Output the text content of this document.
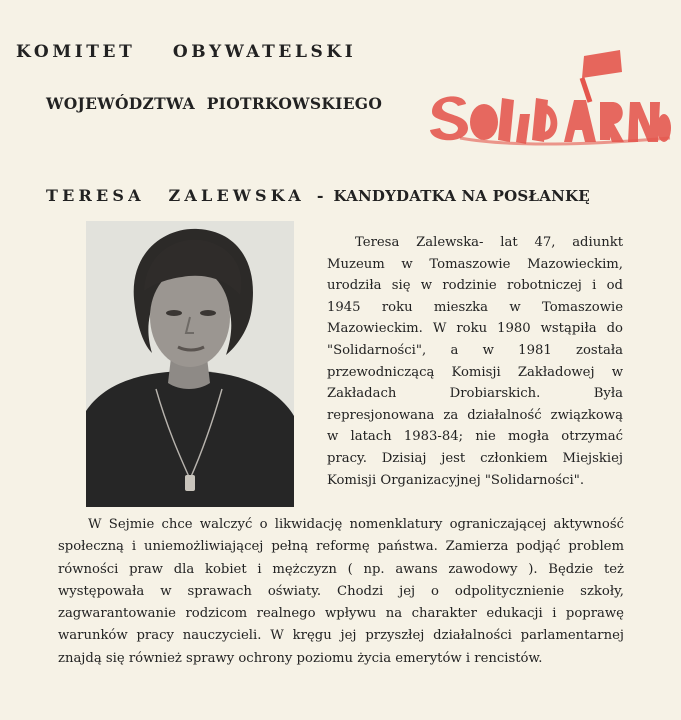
KOMITET OBYWATELSKI
WOJEWÓDZTWA PIOTRKOWSKIEGO
TERESA ZALEWSKA - KANDYDATKA NA POSŁANKĘ

Teresa Zalewska- lat 47, adiunkt Muzeum w Tomaszowie Mazowieckim, urodziła się w rodzinie robotniczej i od 1945 roku mieszka w Tomaszowie Mazowieckim. W roku 1980 wstąpiła do "Solidarności", a w 1981 została przewodniczącą Komisji Zakładowej w Zakładach Drobiarskich. Była represjonowana za działalność związkową w latach 1983-84; nie mogła otrzymać pracy. Dzisiaj jest członkiem Miejskiej Komisji Organizacyjnej "Solidarności".

W Sejmie chce walczyć o likwidację nomenklatury ograniczającej aktywność społeczną i uniemożliwiającej pełną reformę państwa. Zamierza podjąć problem równości praw dla kobiet i mężczyzn ( np. awans zawodowy ). Będzie też występowała w sprawach oświaty. Chodzi jej o odpolitycznienie szkoły, zagwarantowanie rodzicom realnego wpływu na charakter edukacji i poprawę warunków pracy nauczycieli. W kręgu jej przyszłej działalności parlamentarnej znajdą się również sprawy ochrony poziomu życia emerytów i rencistów.
